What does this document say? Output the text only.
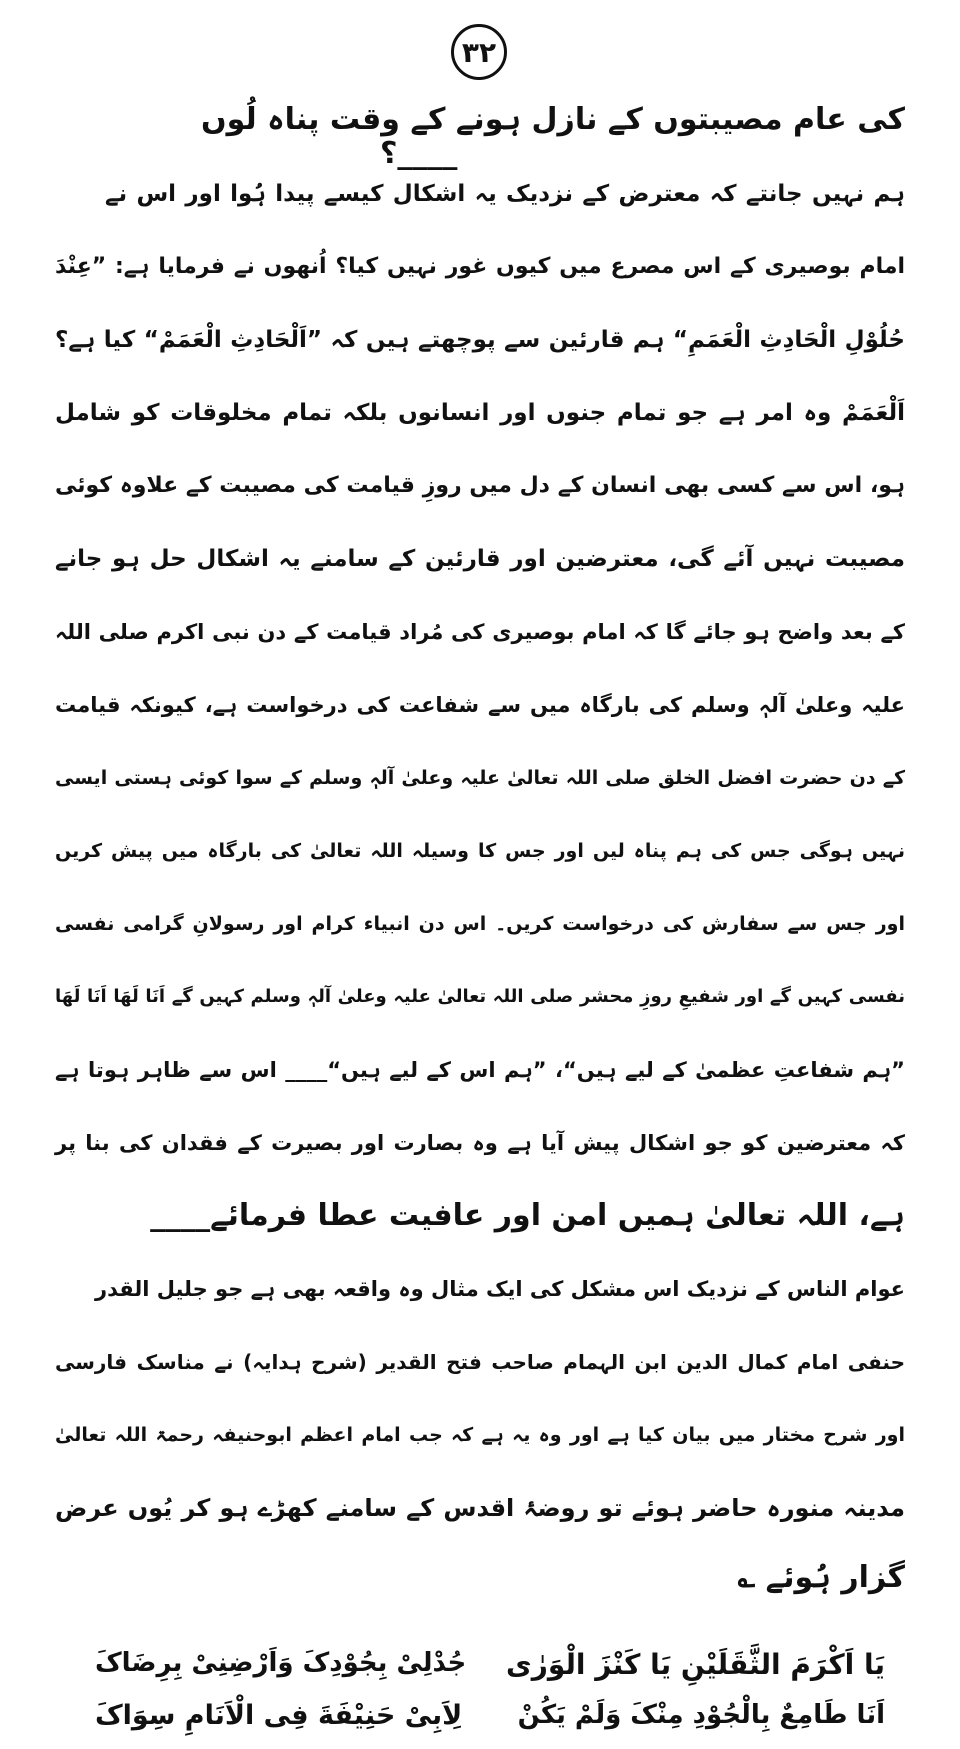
۳۲
کی عام مصیبتوں کے نازل ہونے کے وقت پناہ لُوں
____؟
ہم نہیں جانتے کہ معترض کے نزدیک یہ اشکال کیسے پیدا ہُوا اور اس نے
امام بوصیری کے اس مصرع میں کیوں غور نہیں کیا؟ اُنھوں نے فرمایا ہے: ”عِنْدَ
حُلُوْلِ الْحَادِثِ الْعَمَمِ“ ہم قارئین سے پوچھتے ہیں کہ ”اَلْحَادِثِ الْعَمَمْ“ کیا ہے؟
اَلْعَمَمْ وہ امر ہے جو تمام جنوں اور انسانوں بلکہ تمام مخلوقات کو شامل
ہو، اس سے کسی بھی انسان کے دل میں روزِ قیامت کی مصیبت کے علاوہ کوئی
مصیبت نہیں آئے گی، معترضین اور قارئین کے سامنے یہ اشکال حل ہو جانے
کے بعد واضح ہو جائے گا کہ امام بوصیری کی مُراد قیامت کے دن نبی اکرم صلی اللہ
علیہ وعلیٰ آلہٖ وسلم کی بارگاہ میں سے شفاعت کی درخواست ہے، کیونکہ قیامت
کے دن حضرت افضل الخلق صلی اللہ تعالیٰ علیہ وعلیٰ آلہٖ وسلم کے سوا کوئی ہستی ایسی
نہیں ہوگی جس کی ہم پناہ لیں اور جس کا وسیلہ اللہ تعالیٰ کی بارگاہ میں پیش کریں
اور جس سے سفارش کی درخواست کریں۔ اس دن انبیاء کرام اور رسولانِ گرامی نفسی
نفسی کہیں گے اور شفیعِ روزِ محشر صلی اللہ تعالیٰ علیہ وعلیٰ آلہٖ وسلم کہیں گے اَنَا لَھَا اَنَا لَھَا
”ہم شفاعتِ عظمیٰ کے لیے ہیں“، ”ہم اس کے لیے ہیں“____ اس سے ظاہر ہوتا ہے
کہ معترضین کو جو اشکال پیش آیا ہے وہ بصارت اور بصیرت کے فقدان کی بنا پر
ہے، اللہ تعالیٰ ہمیں امن اور عافیت عطا فرمائے____
عوام الناس کے نزدیک اس مشکل کی ایک مثال وہ واقعہ بھی ہے جو جلیل القدر
حنفی امام کمال الدین ابن الہمام صاحب فتح القدیر (شرح ہدایہ) نے مناسک فارسی
اور شرح مختار میں بیان کیا ہے اور وہ یہ ہے کہ جب امام اعظم ابوحنیفہ رحمۃ اللہ تعالیٰ
مدینہ منورہ حاضر ہوئے تو روضۂ اقدس کے سامنے کھڑے ہو کر یُوں عرض
گزار ہُوئے ؎
یَا اَکْرَمَ الثَّقَلَیْنِ یَا کَنْزَ الْوَرٰی
جُدْلِیْ بِجُوْدِکَ وَاَرْضِنِیْ بِرِضَاکَ
اَنَا طَامِعٌ بِالْجُوْدِ مِنْکَ وَلَمْ یَکُنْ
لِاَبِیْ حَنِیْفَةَ فِی الْاَنَامِ سِوَاکَ
